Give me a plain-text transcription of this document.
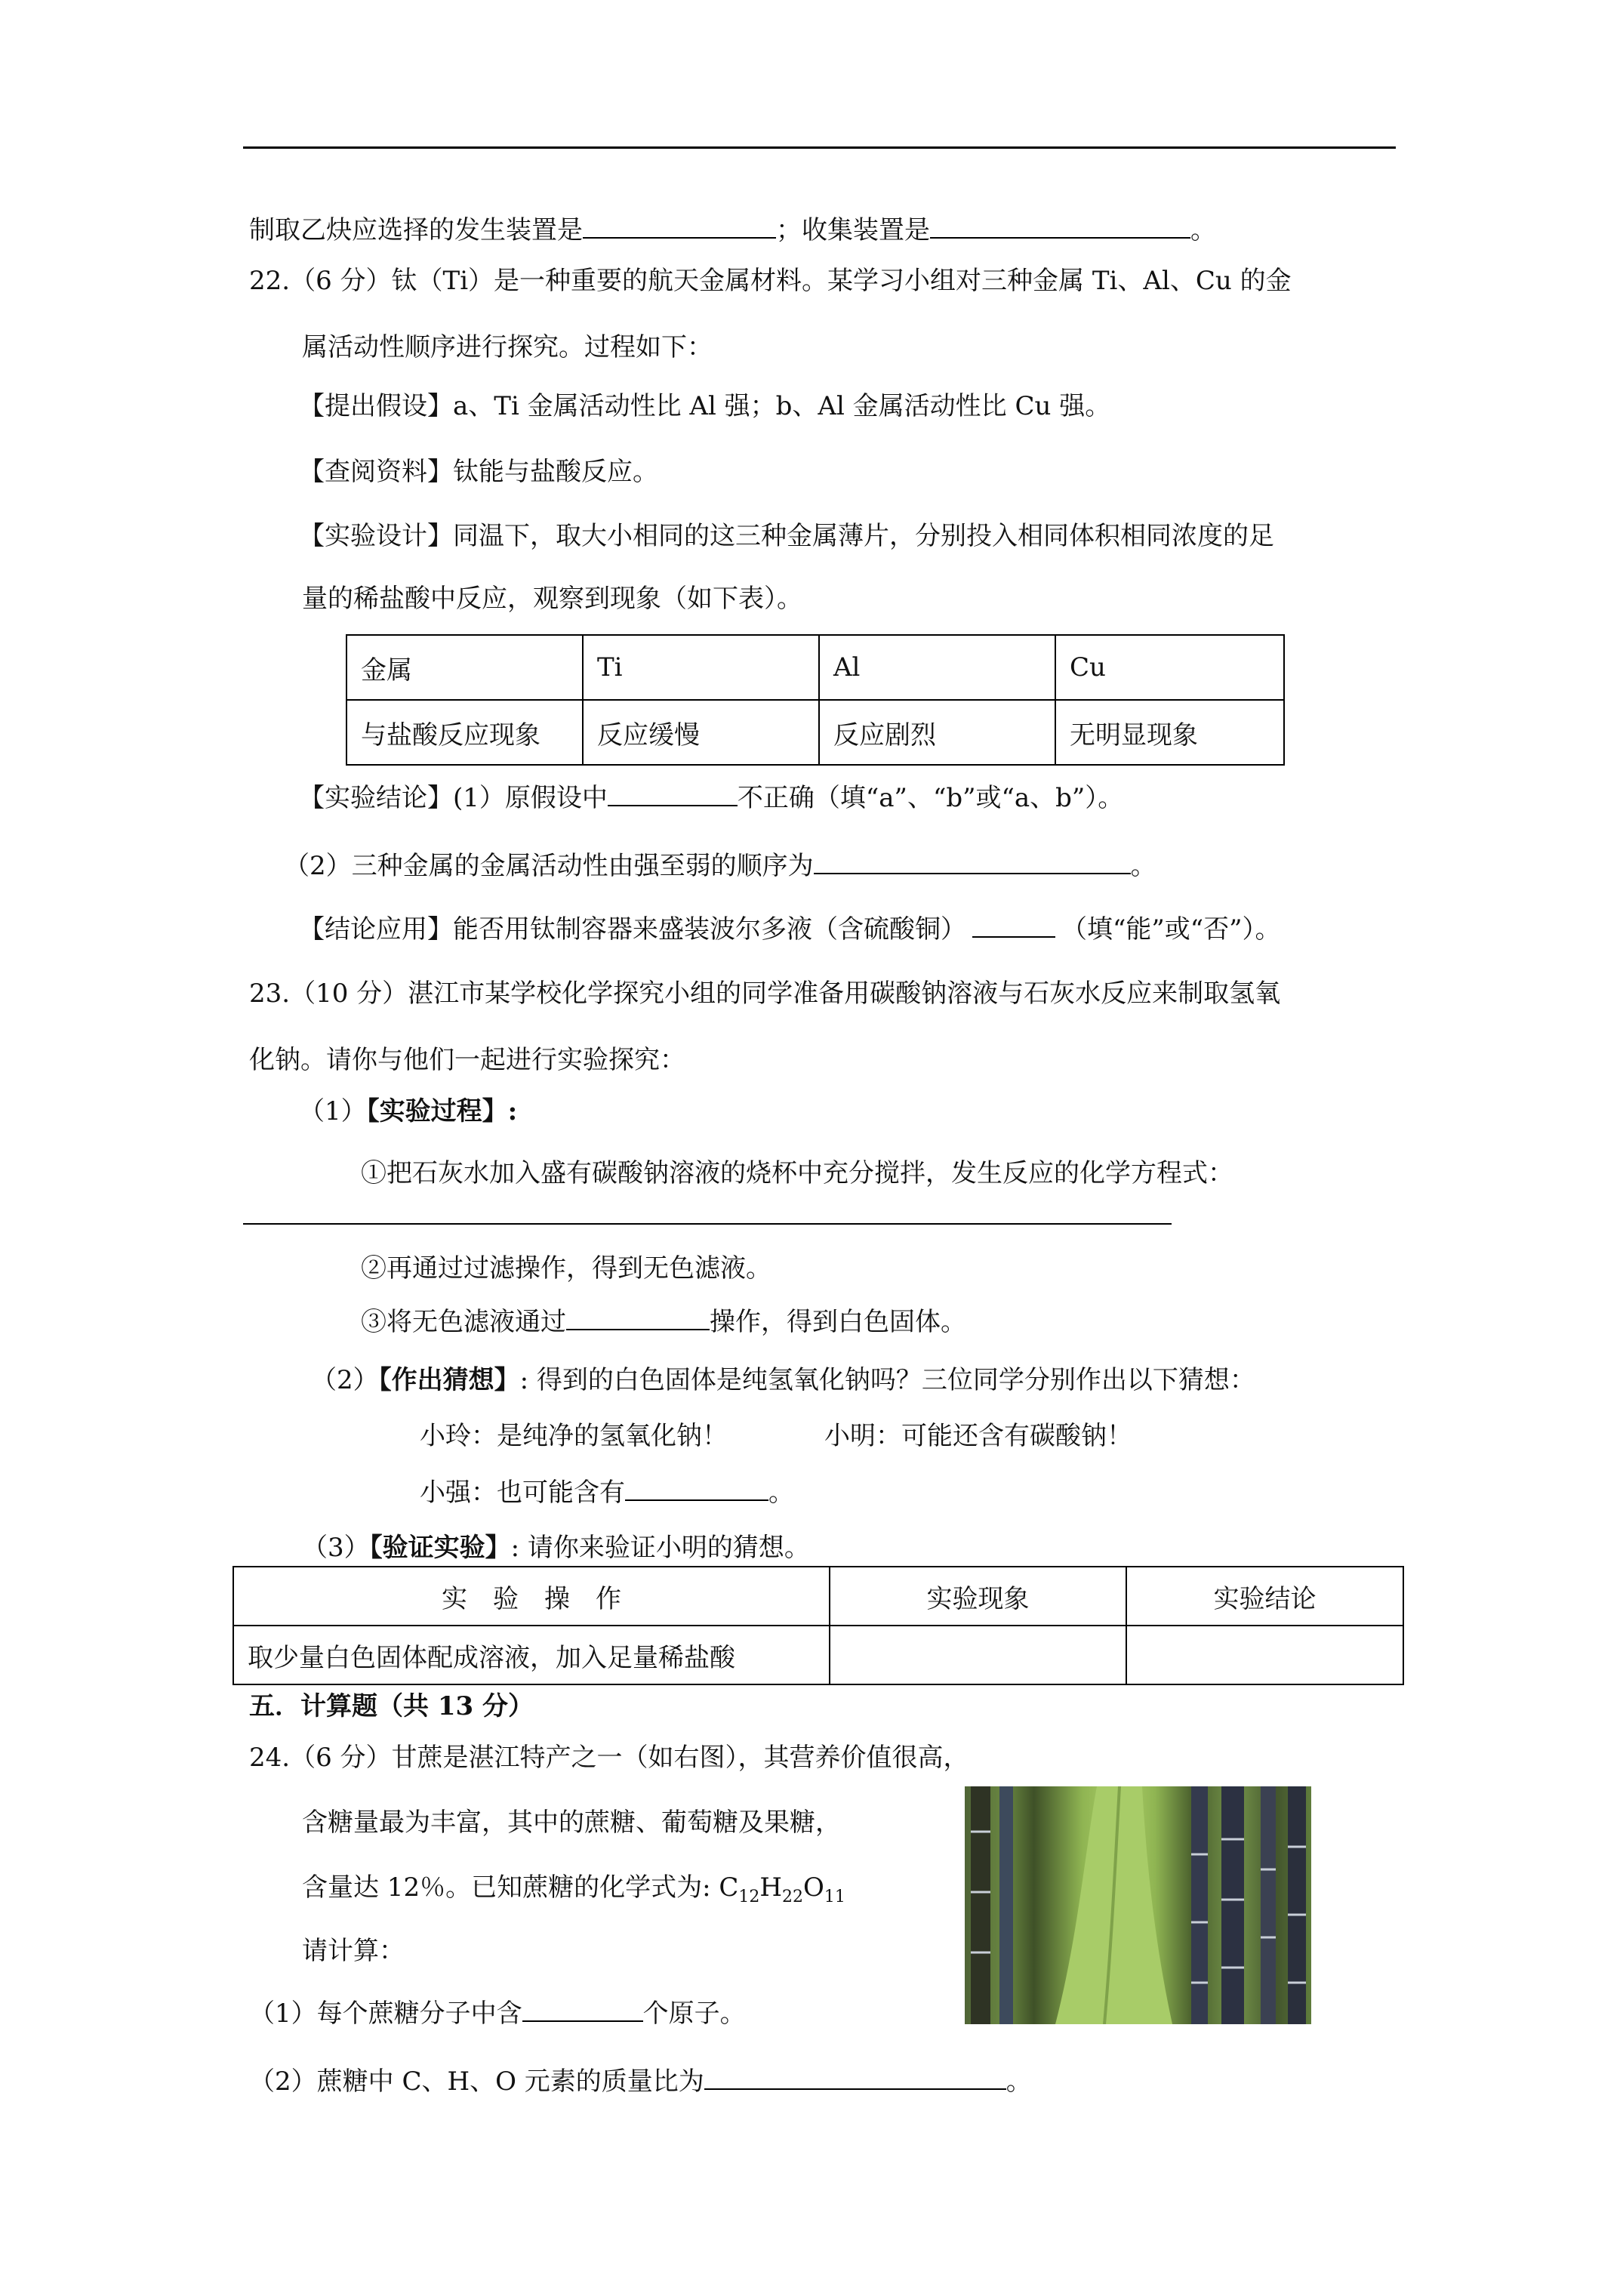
制取乙炔应选择的发生装置是	；收集装置是	。
22.（6 分）钛（Ti）是一种重要的航天金属材料。某学习小组对三种金属 Ti、Al、Cu 的金
属活动性顺序进行探究。过程如下：
【提出假设】a、Ti 金属活动性比 Al 强；b、Al 金属活动性比 Cu 强。
【查阅资料】钛能与盐酸反应。
【实验设计】同温下，取大小相同的这三种金属薄片，分别投入相同体积相同浓度的足
量的稀盐酸中反应，观察到现象（如下表）。
金属	Ti	Al	Cu
与盐酸反应现象	反应缓慢	反应剧烈	无明显现象
【实验结论】(1）原假设中	不正确（填“a”、“b”或“a、b”）。
（2）三种金属的金属活动性由强至弱的顺序为	。
【结论应用】能否用钛制容器来盛装波尔多液（含硫酸铜）	（填“能”或“否”）。
23.（10 分）湛江市某学校化学探究小组的同学准备用碳酸钠溶液与石灰水反应来制取氢氧
化钠。请你与他们一起进行实验探究：
（1）【实验过程】:
①把石灰水加入盛有碳酸钠溶液的烧杯中充分搅拌，发生反应的化学方程式：
②再通过过滤操作，得到无色滤液。
③将无色滤液通过	操作，得到白色固体。
（2）【作出猜想】: 得到的白色固体是纯氢氧化钠吗？三位同学分别作出以下猜想：
小玲：是纯净的氢氧化钠！	小明：可能还含有碳酸钠！
小强：也可能含有	。
（3）【验证实验】: 请你来验证小明的猜想。
实　验　操　作	实验现象	实验结论
取少量白色固体配成溶液，加入足量稀盐酸		
五．计算题（共 13 分）
24.（6 分）甘蔗是湛江特产之一（如右图），其营养价值很高，
含糖量最为丰富，其中的蔗糖、葡萄糖及果糖，
含量达 12％。已知蔗糖的化学式为: $C_{12}H_{22}O_{11}$
请计算：
（1）每个蔗糖分子中含	个原子。
（2）蔗糖中 C、H、O 元素的质量比为	。
